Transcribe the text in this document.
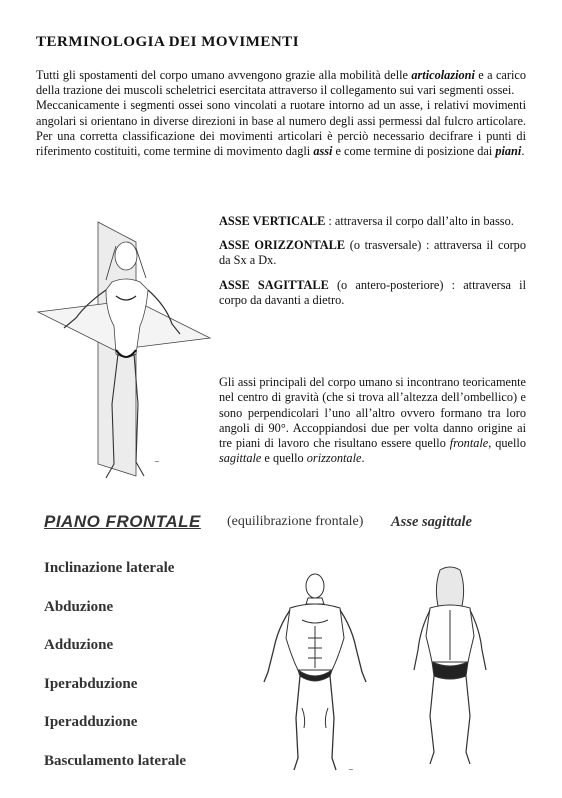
TERMINOLOGIA DEI MOVIMENTI

Tutti gli spostamenti del corpo umano avvengono grazie alla mobilità delle articolazioni e a carico della trazione dei muscoli scheletrici esercitata attraverso il collegamento sui vari segmenti ossei.

Meccanicamente i segmenti ossei sono vincolati a ruotare intorno ad un asse, i relativi movimenti angolari si orientano in diverse direzioni in base al numero degli assi permessi dal fulcro articolare. Per una corretta classificazione dei movimenti articolari è perciò necessario decifrare i punti di riferimento costituiti, come termine di movimento dagli assi e come termine di posizione dai piani.

~

ASSE VERTICALE : attraversa il corpo dall’alto in basso.

ASSE ORIZZONTALE (o trasversale) : attraversa il corpo da Sx a Dx.

ASSE SAGITTALE (o antero-posteriore) : attraversa il corpo da davanti a dietro.

Gli assi principali del corpo umano si incontrano teoricamente nel centro di gravità (che si trova all’altezza dell’ombellico) e sono perpendicolari l’uno all’altro ovvero formano tra loro angoli di 90°. Accoppiandosi due per volta danno origine ai tre piani di lavoro che risultano essere quello frontale, quello sagittale e quello orizzontale.

PIANO FRONTALE (equilibrazione frontale) Asse sagittale
Inclinazione laterale
Abduzione
Adduzione
Iperabduzione
Iperadduzione
Basculamento laterale
~
